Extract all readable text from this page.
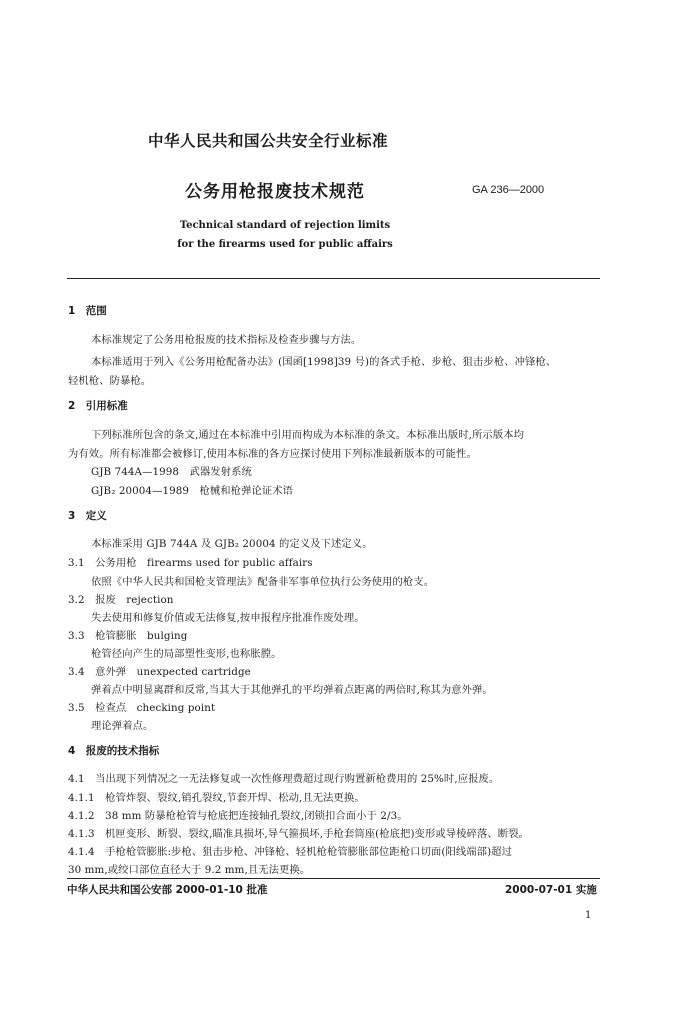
中华人民共和国公共安全行业标准
公务用枪报废技术规范	GA 236—2000
Technical standard of rejection limits
for the firearms used for public affairs
1　范围
本标准规定了公务用枪报废的技术指标及检查步骤与方法。
本标准适用于列入《公务用枪配备办法》(国函[1998]39 号)的各式手枪、步枪、狙击步枪、冲锋枪、
轻机枪、防暴枪。
2　引用标准
下列标准所包含的条文,通过在本标准中引用而构成为本标准的条文。本标准出版时,所示版本均
为有效。所有标准都会被修订,使用本标准的各方应探讨使用下列标准最新版本的可能性。
GJB 744A—1998　武器发射系统
GJB₂ 20004—1989　枪械和枪弹论证术语
3　定义
本标准采用 GJB 744A 及 GJB₂ 20004 的定义及下述定义。
3.1　公务用枪　firearms used for public affairs
依照《中华人民共和国枪支管理法》配备非军事单位执行公务使用的枪支。
3.2　报废　rejection
失去使用和修复价值或无法修复,按申报程序批准作废处理。
3.3　枪管膨胀　bulging
枪管径向产生的局部塑性变形,也称胀膛。
3.4　意外弹　unexpected cartridge
弹着点中明显离群和反常,当其大于其他弹孔的平均弹着点距离的两倍时,称其为意外弹。
3.5　检查点　checking point
理论弹着点。
4　报废的技术指标
4.1　当出现下列情况之一无法修复或一次性修理费超过现行购置新枪费用的 25%时,应报废。
4.1.1　枪管炸裂、裂纹,销孔裂纹,节套开焊、松动,且无法更换。
4.1.2　38 mm 防暴枪枪管与枪底把连接轴孔裂纹,闭锁扣合面小于 2/3。
4.1.3　机匣变形、断裂、裂纹,瞄准具损坏,导气箍损坏,手枪套筒座(枪底把)变形或导棱碎落、断裂。
4.1.4　手枪枪管膨胀:步枪、狙击步枪、冲锋枪、轻机枪枪管膨胀部位距枪口切面(阳线端部)超过
30 mm,或绞口部位直径大于 9.2 mm,且无法更换。
中华人民共和国公安部 2000-01-10 批准	2000-07-01 实施
1
